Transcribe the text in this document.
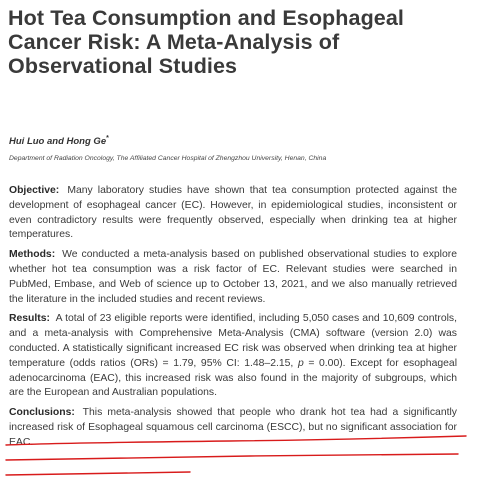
Hot Tea Consumption and Esophageal Cancer Risk: A Meta-Analysis of Observational Studies
Hui Luo and Hong Ge*
Department of Radiation Oncology, The Affiliated Cancer Hospital of Zhengzhou University, Henan, China

Objective: Many laboratory studies have shown that tea consumption protected against the development of esophageal cancer (EC). However, in epidemiological studies, inconsistent or even contradictory results were frequently observed, especially when drinking tea at higher temperatures.

Methods: We conducted a meta-analysis based on published observational studies to explore whether hot tea consumption was a risk factor of EC. Relevant studies were searched in PubMed, Embase, and Web of science up to October 13, 2021, and we also manually retrieved the literature in the included studies and recent reviews.

Results: A total of 23 eligible reports were identified, including 5,050 cases and 10,609 controls, and a meta-analysis with Comprehensive Meta-Analysis (CMA) software (version 2.0) was conducted. A statistically significant increased EC risk was observed when drinking tea at higher temperature (odds ratios (ORs) = 1.79, 95% CI: 1.48–2.15, p = 0.00). Except for esophageal adenocarcinoma (EAC), this increased risk was also found in the majority of subgroups, which are the European and Australian populations.

Conclusions: This meta-analysis showed that people who drank hot tea had a significantly increased risk of Esophageal squamous cell carcinoma (ESCC), but no significant association for EAC.
